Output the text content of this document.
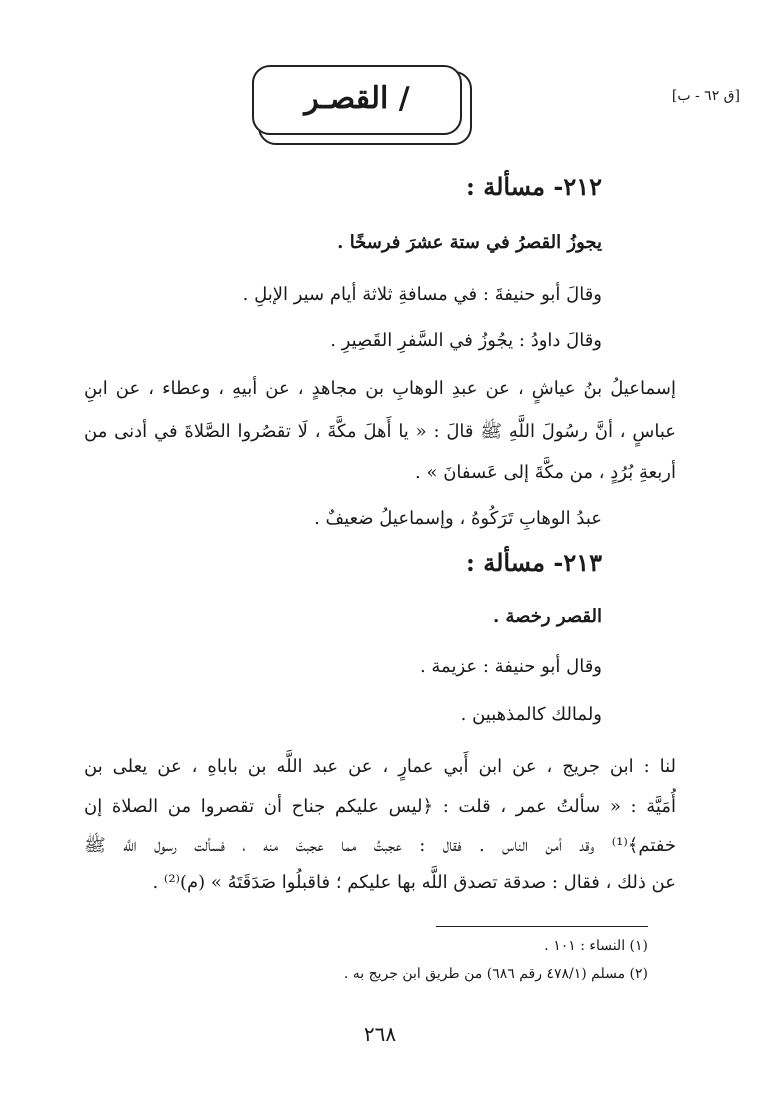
[ق ٦٢ - ب]
/ القصـر
٢١٢- مسألة :
يجوزُ القصرُ في ستة عشرَ فرسخًا .
وقالَ أبو حنيفةَ : في مسافةِ ثلاثة أيام سير الإبلِ .
وقالَ داودُ : يجُوزُ في السَّفرِ القَصِيرِ .
إسماعيلُ بنُ عياشٍ ، عن عبدِ الوهابِ بن مجاهدٍ ، عن أبيهِ ، وعطاء ، عن ابنِ
عباسٍ ، أنَّ رسُولَ اللَّهِ ﷺ قالَ : « يا أَهلَ مكَّةَ ، لَا تقصُروا الصَّلاةَ في أدنى من
أربعةِ بُرُدٍ ، من مكَّةَ إلى عَسفانَ » .
عبدُ الوهابِ تَرَكُوهُ ، وإسماعيلُ ضعيفٌ .
٢١٣- مسألة :
القصر رخصة .
وقال أبو حنيفة : عزيمة .
ولمالك كالمذهبين .
لنا : ابن جريج ، عن ابن أَبي عمارٍ ، عن عبد اللَّه بن باباهِ ، عن يعلى بن
أُمَيَّة : « سألتُ عمر ، قلت : ﴿ليس عليكم جناح أن تقصروا من الصلاة إن
خفتم﴾⁽¹⁾ وقد أمن الناس . فقال : عجبتُ مما عجبتَ منه ، فسألت رسول اللَّه ﷺ
عن ذلك ، فقال : صدقة تصدق اللَّه بها عليكم ؛ فاقبلُوا صَدَقَتَهُ » (م)⁽²⁾ .
(١) النساء : ١٠١ .
(٢) مسلم (٤٧٨/١ رقم ٦٨٦) من طريق ابن جريج به .
٢٦٨
